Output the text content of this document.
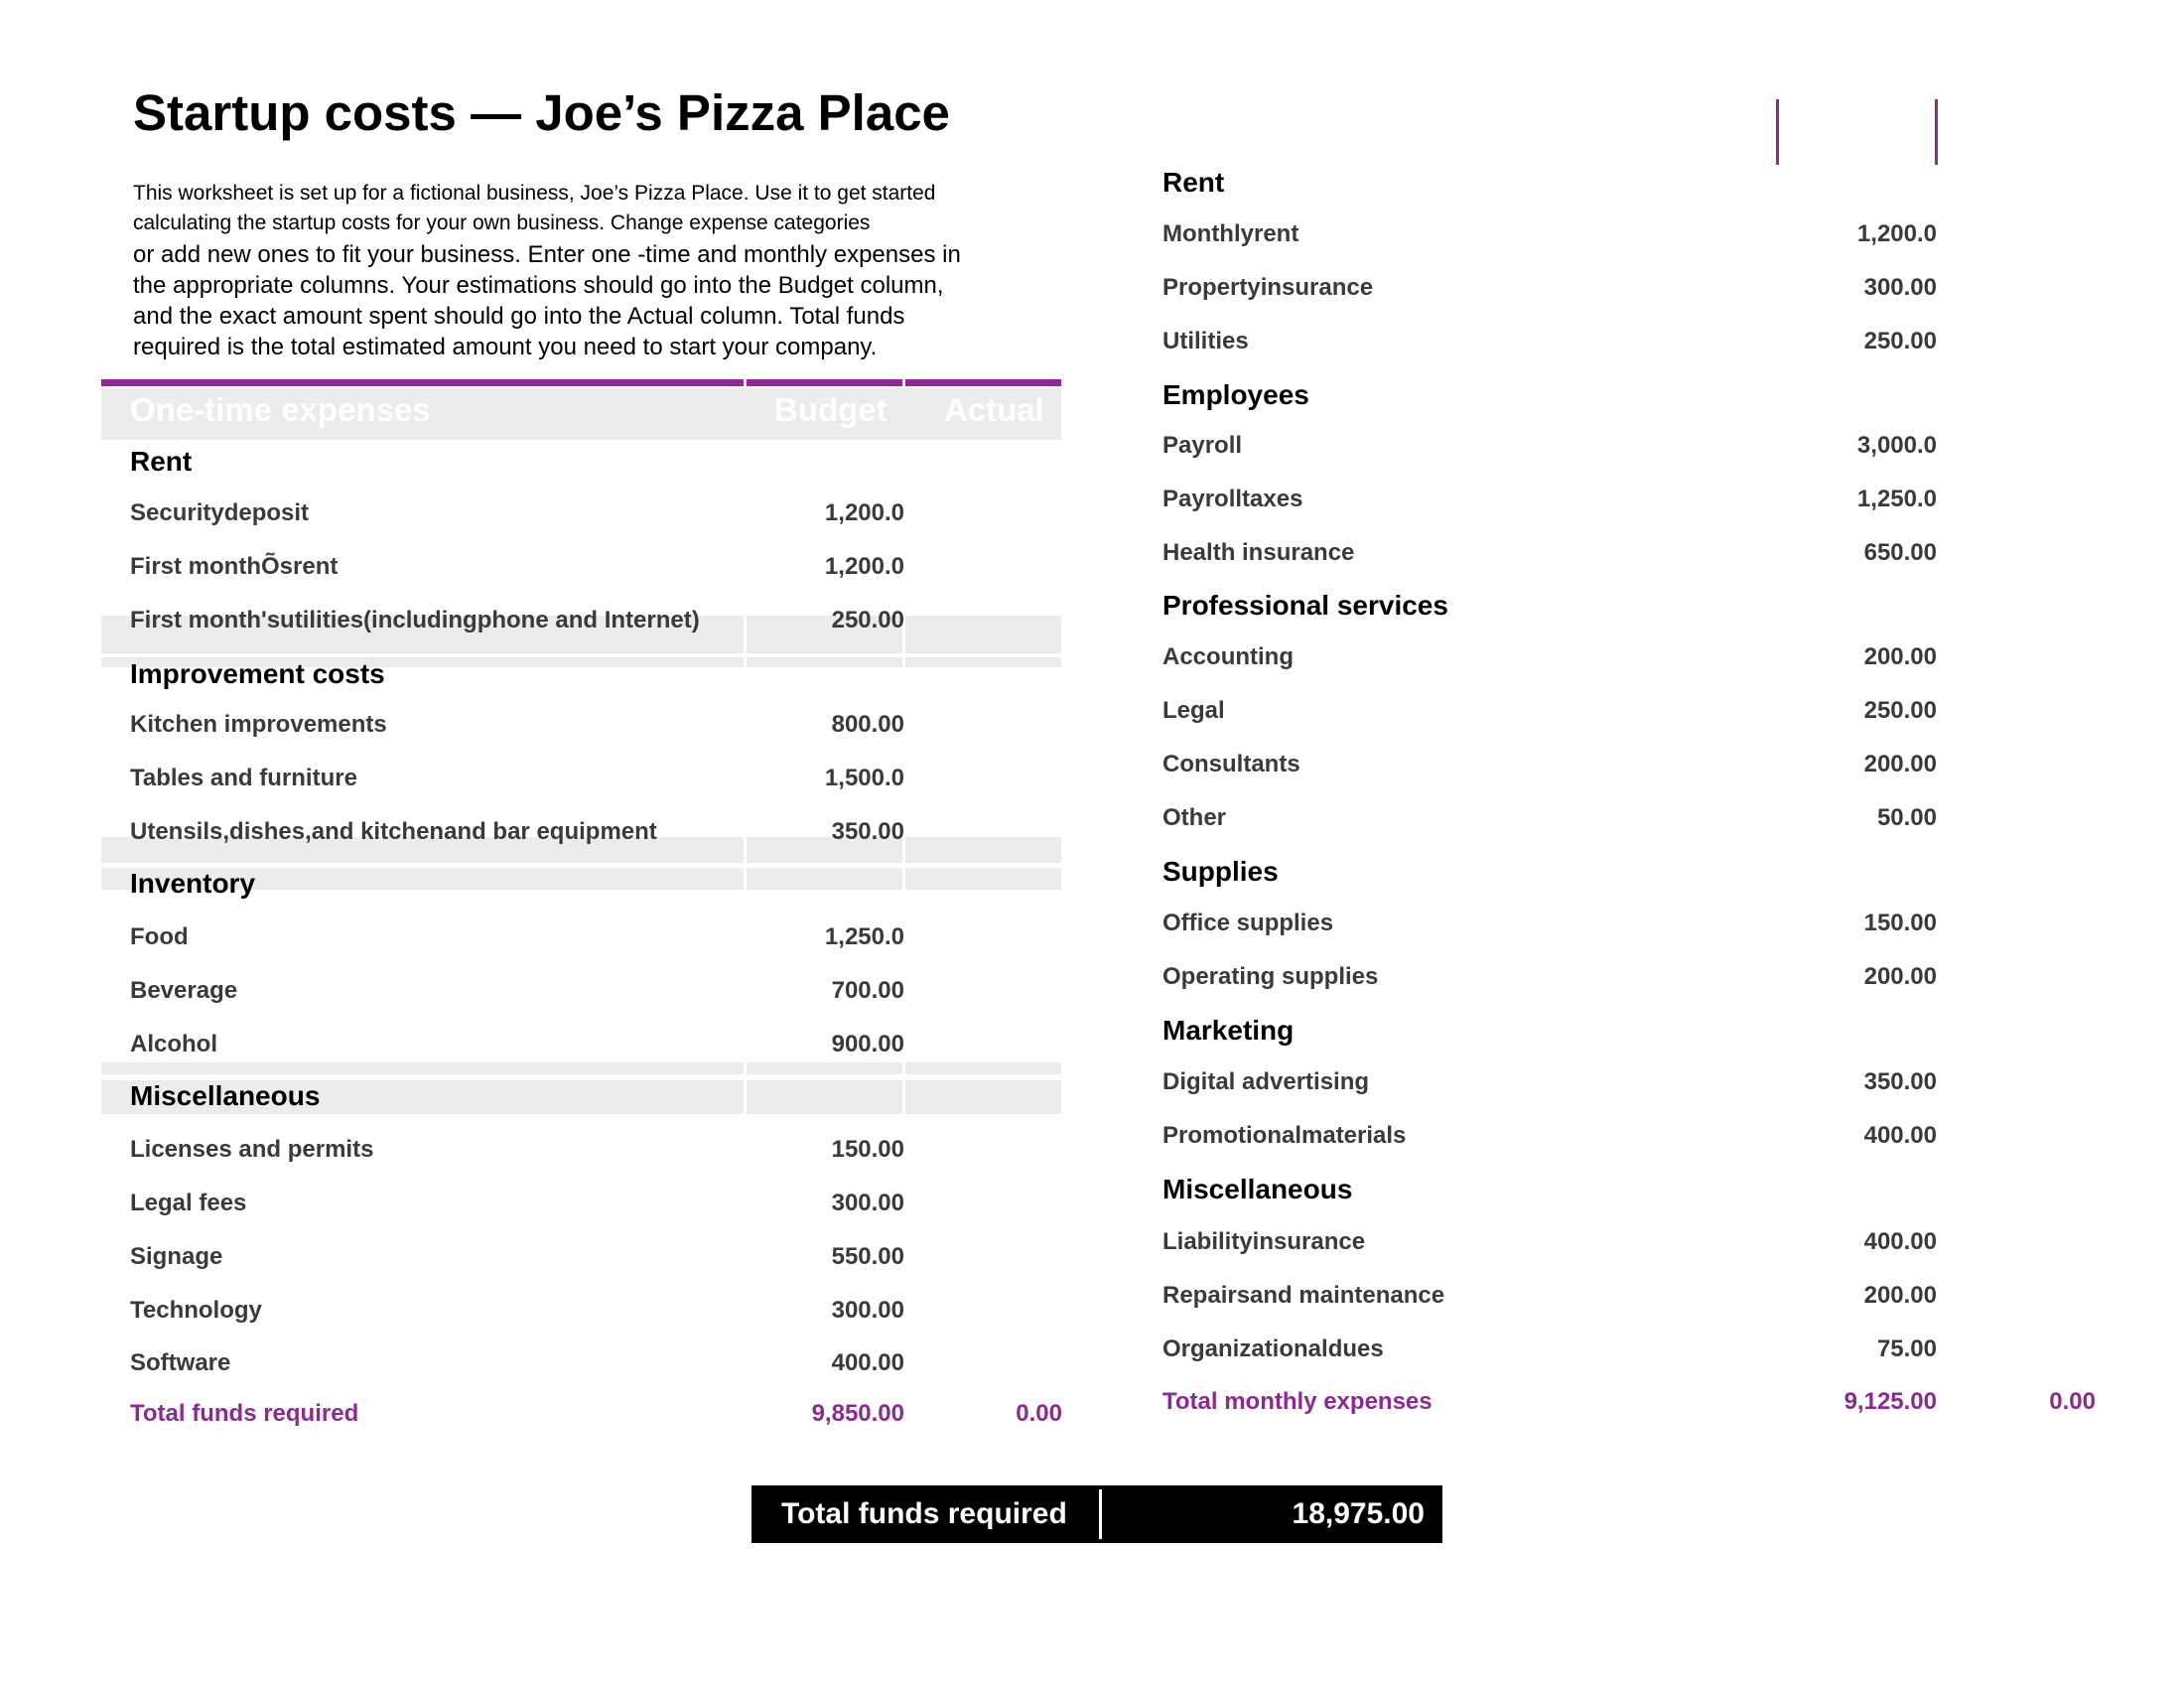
Startup costs — Joe’s Pizza Place
This worksheet is set up for a fictional business, Joe’s Pizza Place. Use it to get started
calculating the startup costs for your own business. Change expense categories
or add new ones to fit your business. Enter one -time and monthly expenses in
the appropriate columns. Your estimations should go into the Budget column,
and the exact amount spent should go into the Actual column. Total funds
required is the total estimated amount you need to start your company.
One-time expenses	Budget Actual
Rent
Securitydeposit	1,200.0
First monthÕsrent	1,200.0
First month'sutilities(includingphone and Internet)	250.00
Improvement costs
Kitchen improvements	800.00
Tables and furniture	1,500.0
Utensils,dishes,and kitchenand bar equipment	350.00
Inventory
Food	1,250.0
Beverage	700.00
Alcohol	900.00
Miscellaneous
Licenses and permits	150.00
Legal fees	300.00
Signage	550.00
Technology	300.00
Software	400.00
Total funds required	9,850.00	0.00
Rent
Monthlyrent	1,200.0
Propertyinsurance	300.00
Utilities	250.00
Employees
Payroll	3,000.0
Payrolltaxes	1,250.0
Health insurance	650.00
Professional services
Accounting	200.00
Legal	250.00
Consultants	200.00
Other	50.00
Supplies
Office supplies	150.00
Operating supplies	200.00
Marketing
Digital advertising	350.00
Promotionalmaterials	400.00
Miscellaneous
Liabilityinsurance	400.00
Repairsand maintenance	200.00
Organizationaldues	75.00
Total monthly expenses	9,125.00	0.00
Total funds required	18,975.00
